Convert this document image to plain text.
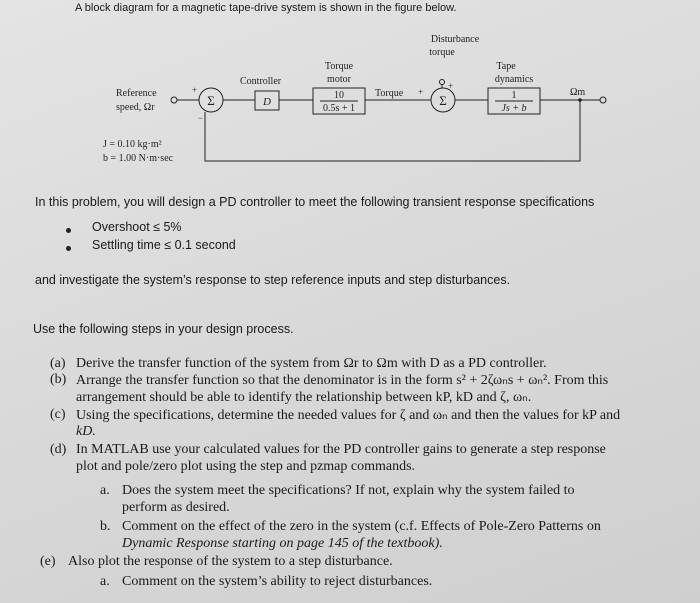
A block diagram for a magnetic tape-drive system is shown in the figure below.
Σ	Σ
Reference
speed, Ωr
+
−
Controller
D
Torque
motor
10
0.5s + 1
Torque +
+
Disturbance
torque
Tape
dynamics
1
Js + b
Ωm
J = 0.10 kg·m²
b = 1.00 N·m·sec
In this problem, you will design a PD controller to meet the following transient response specifications
Overshoot ≤ 5%
Settling time ≤ 0.1 second
and investigate the system’s response to step reference inputs and step disturbances.
Use the following steps in your design process.
(a) Derive the transfer function of the system from Ωr to Ωm with D as a PD controller.
(b) Arrange the transfer function so that the denominator is in the form s² + 2ζωₙs + ωₙ². From this
arrangement should be able to identify the relationship between kP, kD and ζ, ωₙ.
(c) Using the specifications, determine the needed values for ζ and ωₙ and then the values for kP and
kD.
(d) In MATLAB use your calculated values for the PD controller gains to generate a step response
plot and pole/zero plot using the step and pzmap commands.
a. Does the system meet the specifications? If not, explain why the system failed to
perform as desired.
b. Comment on the effect of the zero in the system (c.f. Effects of Pole-Zero Patterns on
Dynamic Response starting on page 145 of the textbook).
(e) Also plot the response of the system to a step disturbance.
a. Comment on the system’s ability to reject disturbances.
